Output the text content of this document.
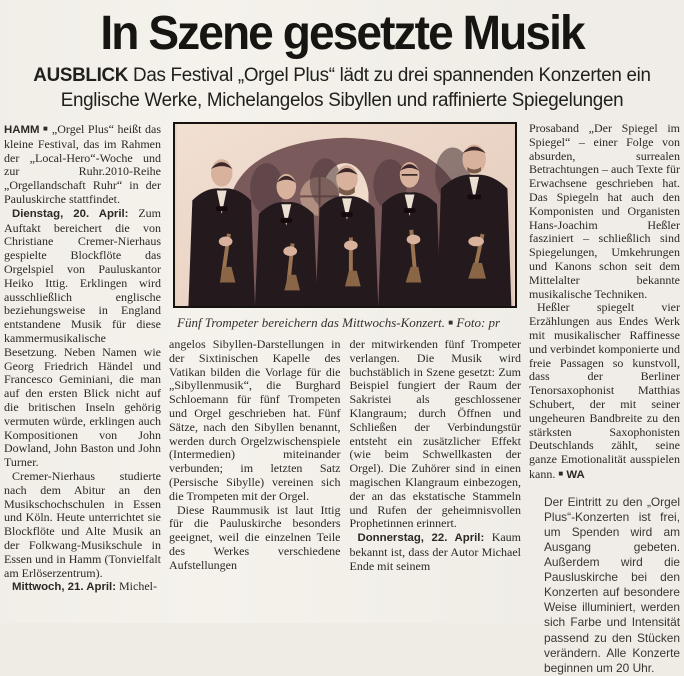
In Szene gesetzte Musik
AUSBLICK Das Festival „Orgel Plus“ lädt zu drei spannenden Konzerten ein
Englische Werke, Michelangelos Sibyllen und raffinierte Spiegelungen

HAMM ■ „Orgel Plus“ heißt das kleine Festival, das im Rahmen der „Local-Hero“-Woche und zur Ruhr.2010-Reihe „Orgellandschaft Ruhr“ in der Pauluskirche stattfindet.

Dienstag, 20. April: Zum Auftakt bereichert die von Christiane Cremer-Nierhaus gespielte Blockflöte das Orgelspiel von Pauluskantor Heiko Ittig. Erklingen wird ausschließlich englische beziehungsweise in England entstandene Musik für diese kammermusikalische Besetzung. Neben Namen wie Georg Friedrich Händel und Francesco Geminiani, die man auf den ersten Blick nicht auf die britischen Inseln gehörig vermuten würde, erklingen auch Kompositionen von John Dowland, John Baston und John Turner.

Cremer-Nierhaus studierte nach dem Abitur an den Musikschochschulen in Essen und Köln. Heute unterrichtet sie Blockflöte und Alte Musik an der Folkwang-Musikschule in Essen und in Hamm (Tonvielfalt am Erlöserzentrum).

Mittwoch, 21. April: Michel-

Fünf Trompeter bereichern das Mittwochs-Konzert. ■ Foto: pr

angelos Sibyllen-Darstellungen in der Sixtinischen Kapelle des Vatikan bilden die Vorlage für die „Sibyllenmusik“, die Burghard Schloemann für fünf Trompeten und Orgel geschrieben hat. Fünf Sätze, nach den Sibyllen benannt, werden durch Orgelzwischenspiele (Intermedien) miteinander verbunden; im letzten Satz (Persische Sibylle) vereinen sich die Trompeten mit der Orgel.

Diese Raummusik ist laut Ittig für die Pauluskirche besonders geeignet, weil die einzelnen Teile des Werkes verschiedene Aufstellungen

der mitwirkenden fünf Trompeter verlangen. Die Musik wird buchstäblich in Szene gesetzt: Zum Beispiel fungiert der Raum der Sakristei als geschlossener Klangraum; durch Öffnen und Schließen der Verbindungstür entsteht ein zusätzlicher Effekt (wie beim Schwellkasten der Orgel). Die Zuhörer sind in einen magischen Klangraum einbezogen, der an das ekstatische Stammeln und Rufen der geheimnisvollen Prophetinnen erinnert.

Donnerstag, 22. April: Kaum bekannt ist, dass der Autor Michael Ende mit seinem

Prosaband „Der Spiegel im Spiegel“ – einer Folge von absurden, surrealen Betrachtungen – auch Texte für Erwachsene geschrieben hat. Das Spiegeln hat auch den Komponisten und Organisten Hans-Joachim Heßler fasziniert – schließlich sind Spiegelungen, Umkehrungen und Kanons schon seit dem Mittelalter bekannte musikalische Techniken.

Heßler spiegelt vier Erzählungen aus Endes Werk mit musikalischer Raffinesse und verbindet komponierte und freie Passagen so kunstvoll, dass der Berliner Tenorsaxophonist Matthias Schubert, der mit seiner ungeheuren Bandbreite zu den stärksten Saxophonisten Deutschlands zählt, seine ganze Emotionalität ausspielen kann. ■ WA

Der Eintritt zu den „Orgel Plus“-Konzerten ist frei, um Spenden wird am Ausgang gebeten. Außerdem wird die Pausluskirche bei den Konzerten auf besondere Weise illuminiert, werden sich Farbe und Intensität passend zu den Stücken verändern. Alle Konzerte beginnen um 20 Uhr.
